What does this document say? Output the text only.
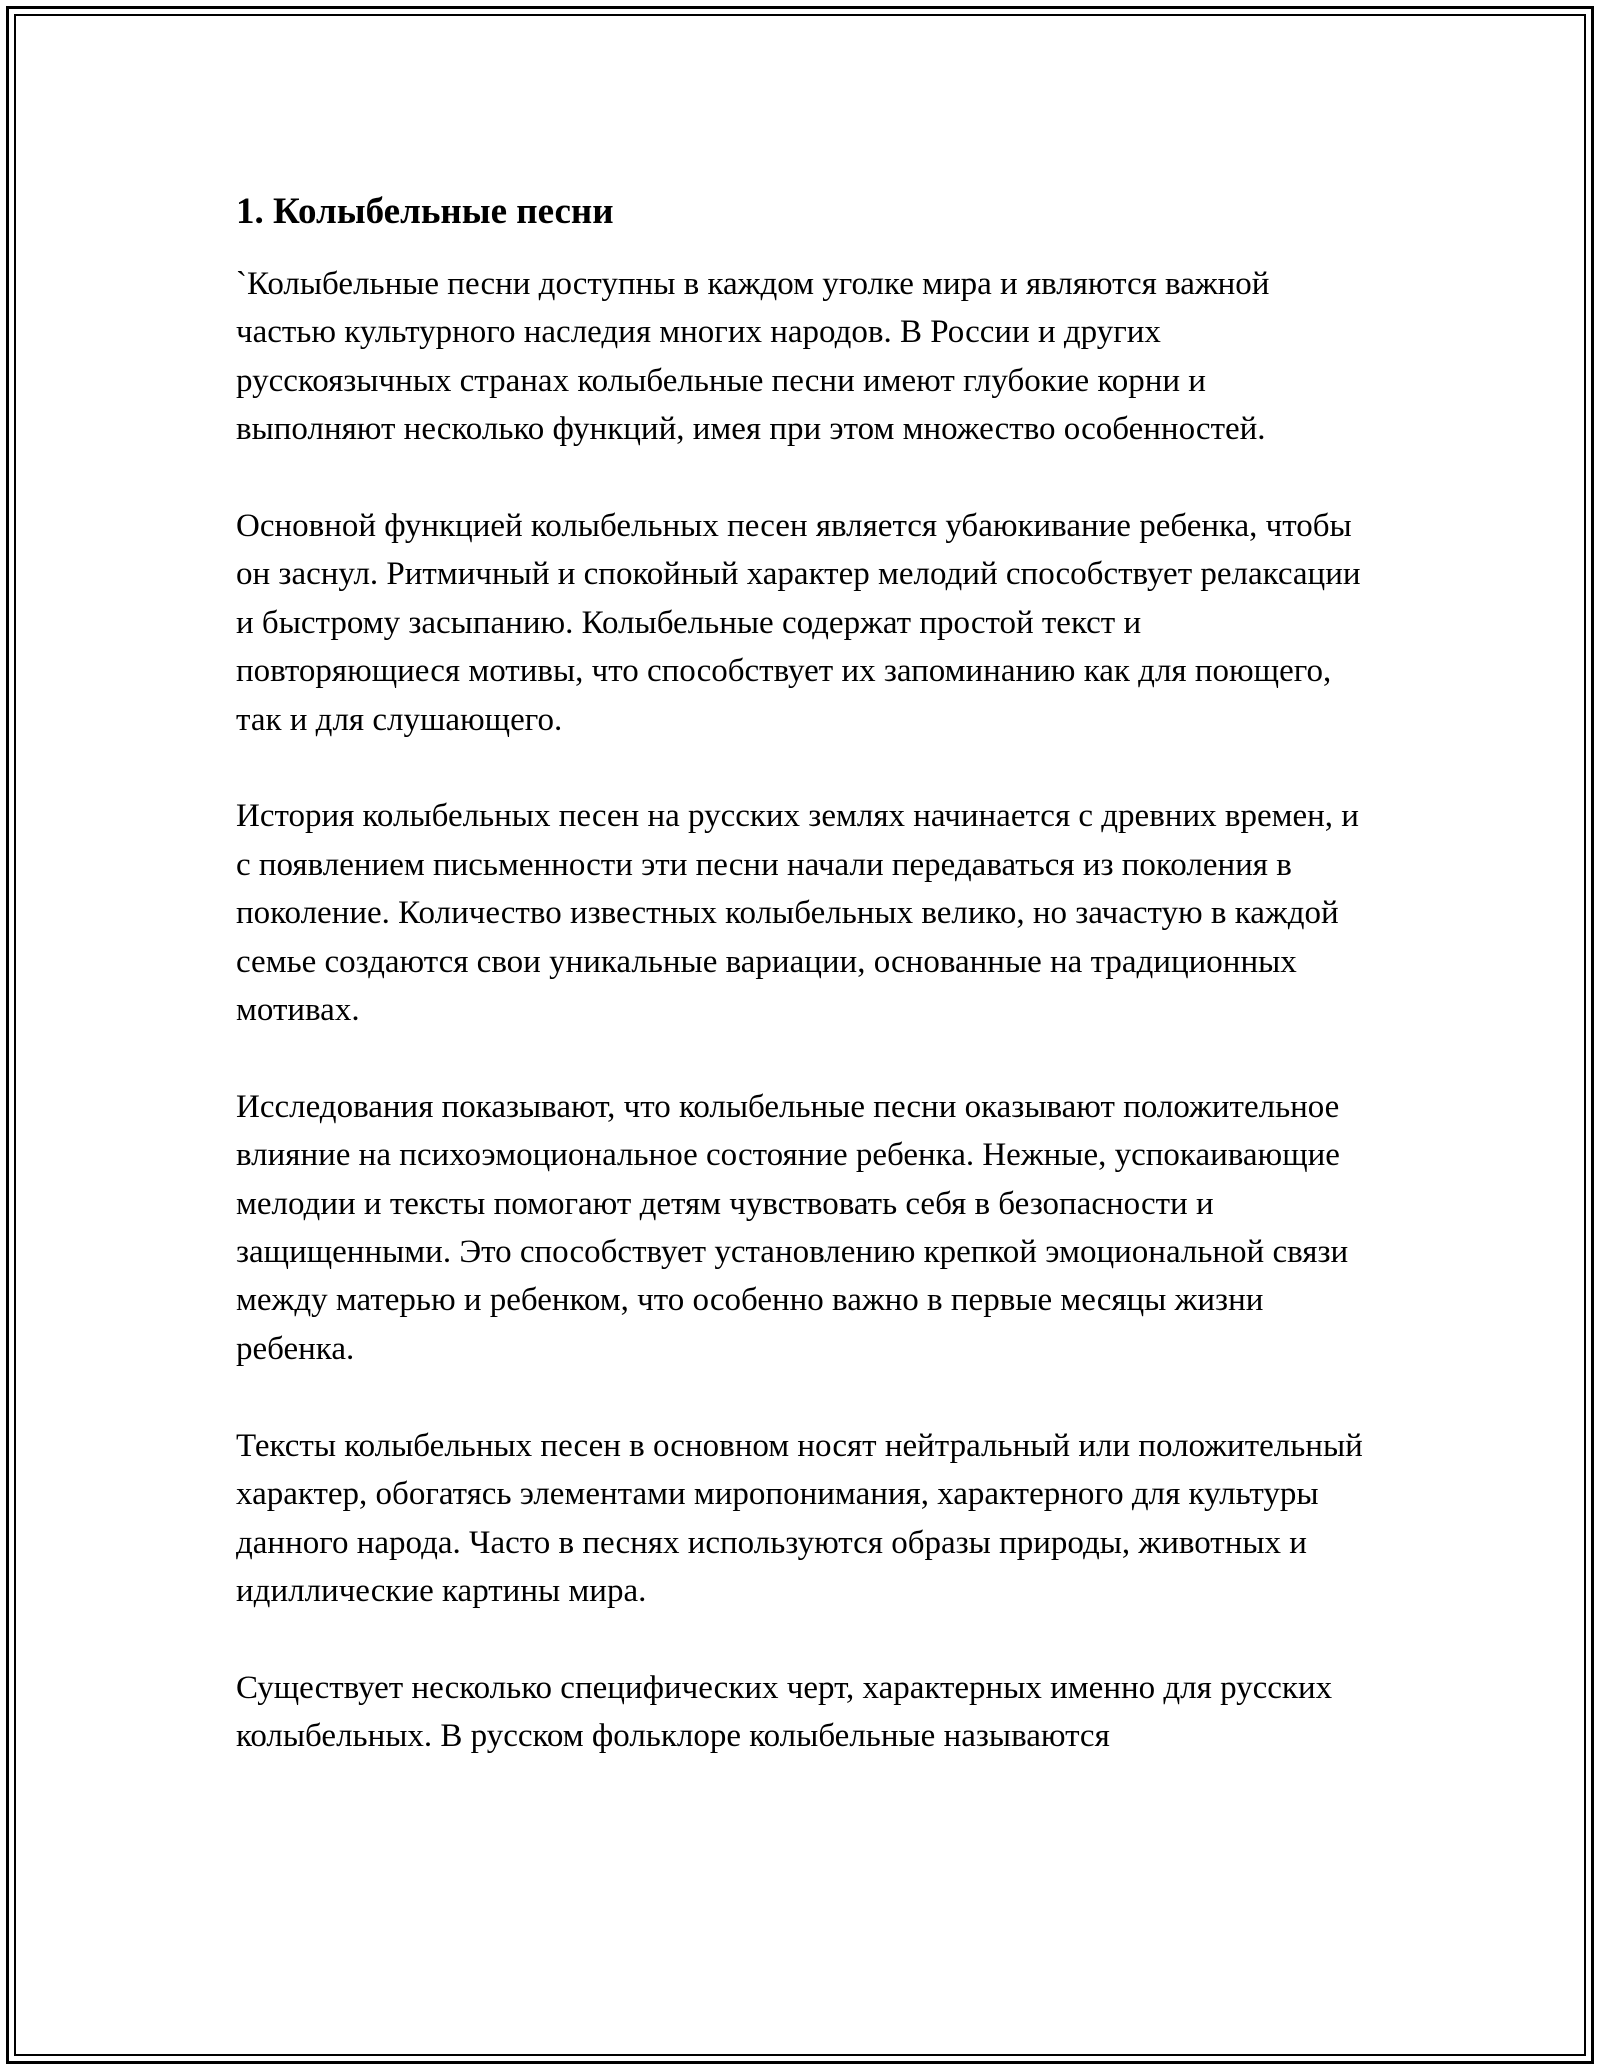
1. Колыбельные песни

`Колыбельные песни доступны в каждом уголке мира и являются важной частью культурного наследия многих народов. В России и других русскоязычных странах колыбельные песни имеют глубокие корни и выполняют несколько функций, имея при этом множество особенностей.

Основной функцией колыбельных песен является убаюкивание ребенка, чтобы он заснул. Ритмичный и спокойный характер мелодий способствует релаксации и быстрому засыпанию. Колыбельные содержат простой текст и повторяющиеся мотивы, что способствует их запоминанию как для поющего, так и для слушающего.

История колыбельных песен на русских землях начинается с древних времен, и с появлением письменности эти песни начали передаваться из поколения в поколение. Количество известных колыбельных велико, но зачастую в каждой семье создаются свои уникальные вариации, основанные на традиционных мотивах.

Исследования показывают, что колыбельные песни оказывают положительное влияние на психоэмоциональное состояние ребенка. Нежные, успокаивающие мелодии и тексты помогают детям чувствовать себя в безопасности и защищенными. Это способствует установлению крепкой эмоциональной связи между матерью и ребенком, что особенно важно в первые месяцы жизни ребенка.

Тексты колыбельных песен в основном носят нейтральный или положительный характер, обогатясь элементами миропонимания, характерного для культуры данного народа. Часто в песнях используются образы природы, животных и идиллические картины мира.

Существует несколько специфических черт, характерных именно для русских колыбельных. В русском фольклоре колыбельные называются
